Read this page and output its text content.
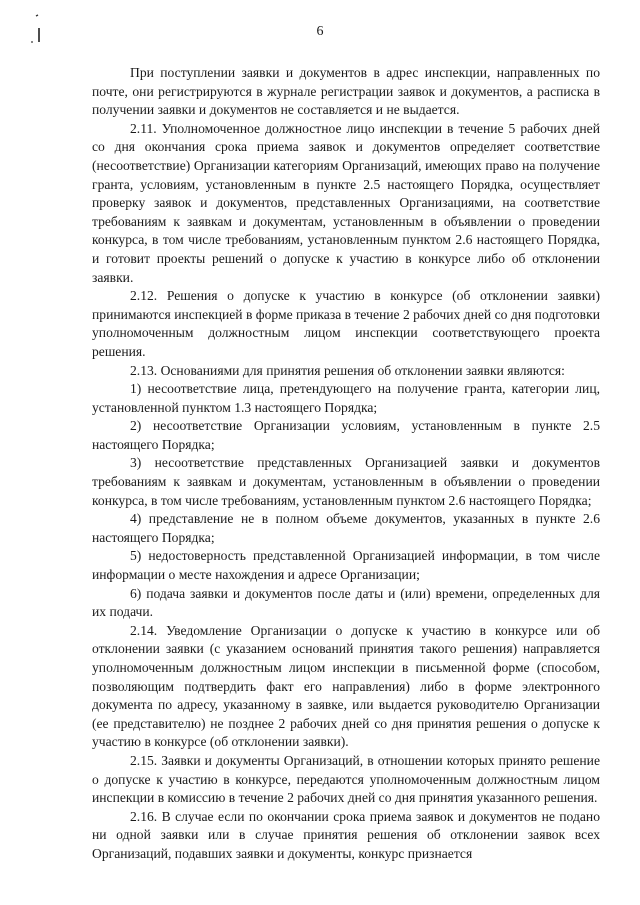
6

При поступлении заявки и документов в адрес инспекции, направленных по почте, они регистрируются в журнале регистрации заявок и документов, а расписка в получении заявки и документов не составляется и не выдается.

2.11. Уполномоченное должностное лицо инспекции в течение 5 рабочих дней со дня окончания срока приема заявок и документов определяет соответствие (несоответствие) Организации категориям Организаций, имеющих право на получение гранта, условиям, установленным в пункте 2.5 настоящего Порядка, осуществляет проверку заявок и документов, представленных Организациями, на соответствие требованиям к заявкам и документам, установленным в объявлении о проведении конкурса, в том числе требованиям, установленным пунктом 2.6 настоящего Порядка, и готовит проекты решений о допуске к участию в конкурсе либо об отклонении заявки.

2.12. Решения о допуске к участию в конкурсе (об отклонении заявки) принимаются инспекцией в форме приказа в течение 2 рабочих дней со дня подготовки уполномоченным должностным лицом инспекции соответствующего проекта решения.

2.13. Основаниями для принятия решения об отклонении заявки являются:

1) несоответствие лица, претендующего на получение гранта, категории лиц, установленной пунктом 1.3 настоящего Порядка;

2) несоответствие Организации условиям, установленным в пункте 2.5 настоящего Порядка;

3) несоответствие представленных Организацией заявки и документов требованиям к заявкам и документам, установленным в объявлении о проведении конкурса, в том числе требованиям, установленным пунктом 2.6 настоящего Порядка;

4) представление не в полном объеме документов, указанных в пункте 2.6 настоящего Порядка;

5) недостоверность представленной Организацией информации, в том числе информации о месте нахождения и адресе Организации;

6) подача заявки и документов после даты и (или) времени, определенных для их подачи.

2.14. Уведомление Организации о допуске к участию в конкурсе или об отклонении заявки (с указанием оснований принятия такого решения) направляется уполномоченным должностным лицом инспекции в письменной форме (способом, позволяющим подтвердить факт его направления) либо в форме электронного документа по адресу, указанному в заявке, или выдается руководителю Организации (ее представителю) не позднее 2 рабочих дней со дня принятия решения о допуске к участию в конкурсе (об отклонении заявки).

2.15. Заявки и документы Организаций, в отношении которых принято решение о допуске к участию в конкурсе, передаются уполномоченным должностным лицом инспекции в комиссию в течение 2 рабочих дней со дня принятия указанного решения.

2.16. В случае если по окончании срока приема заявок и документов не подано ни одной заявки или в случае принятия решения об отклонении заявок всех Организаций, подавших заявки и документы, конкурс признается
